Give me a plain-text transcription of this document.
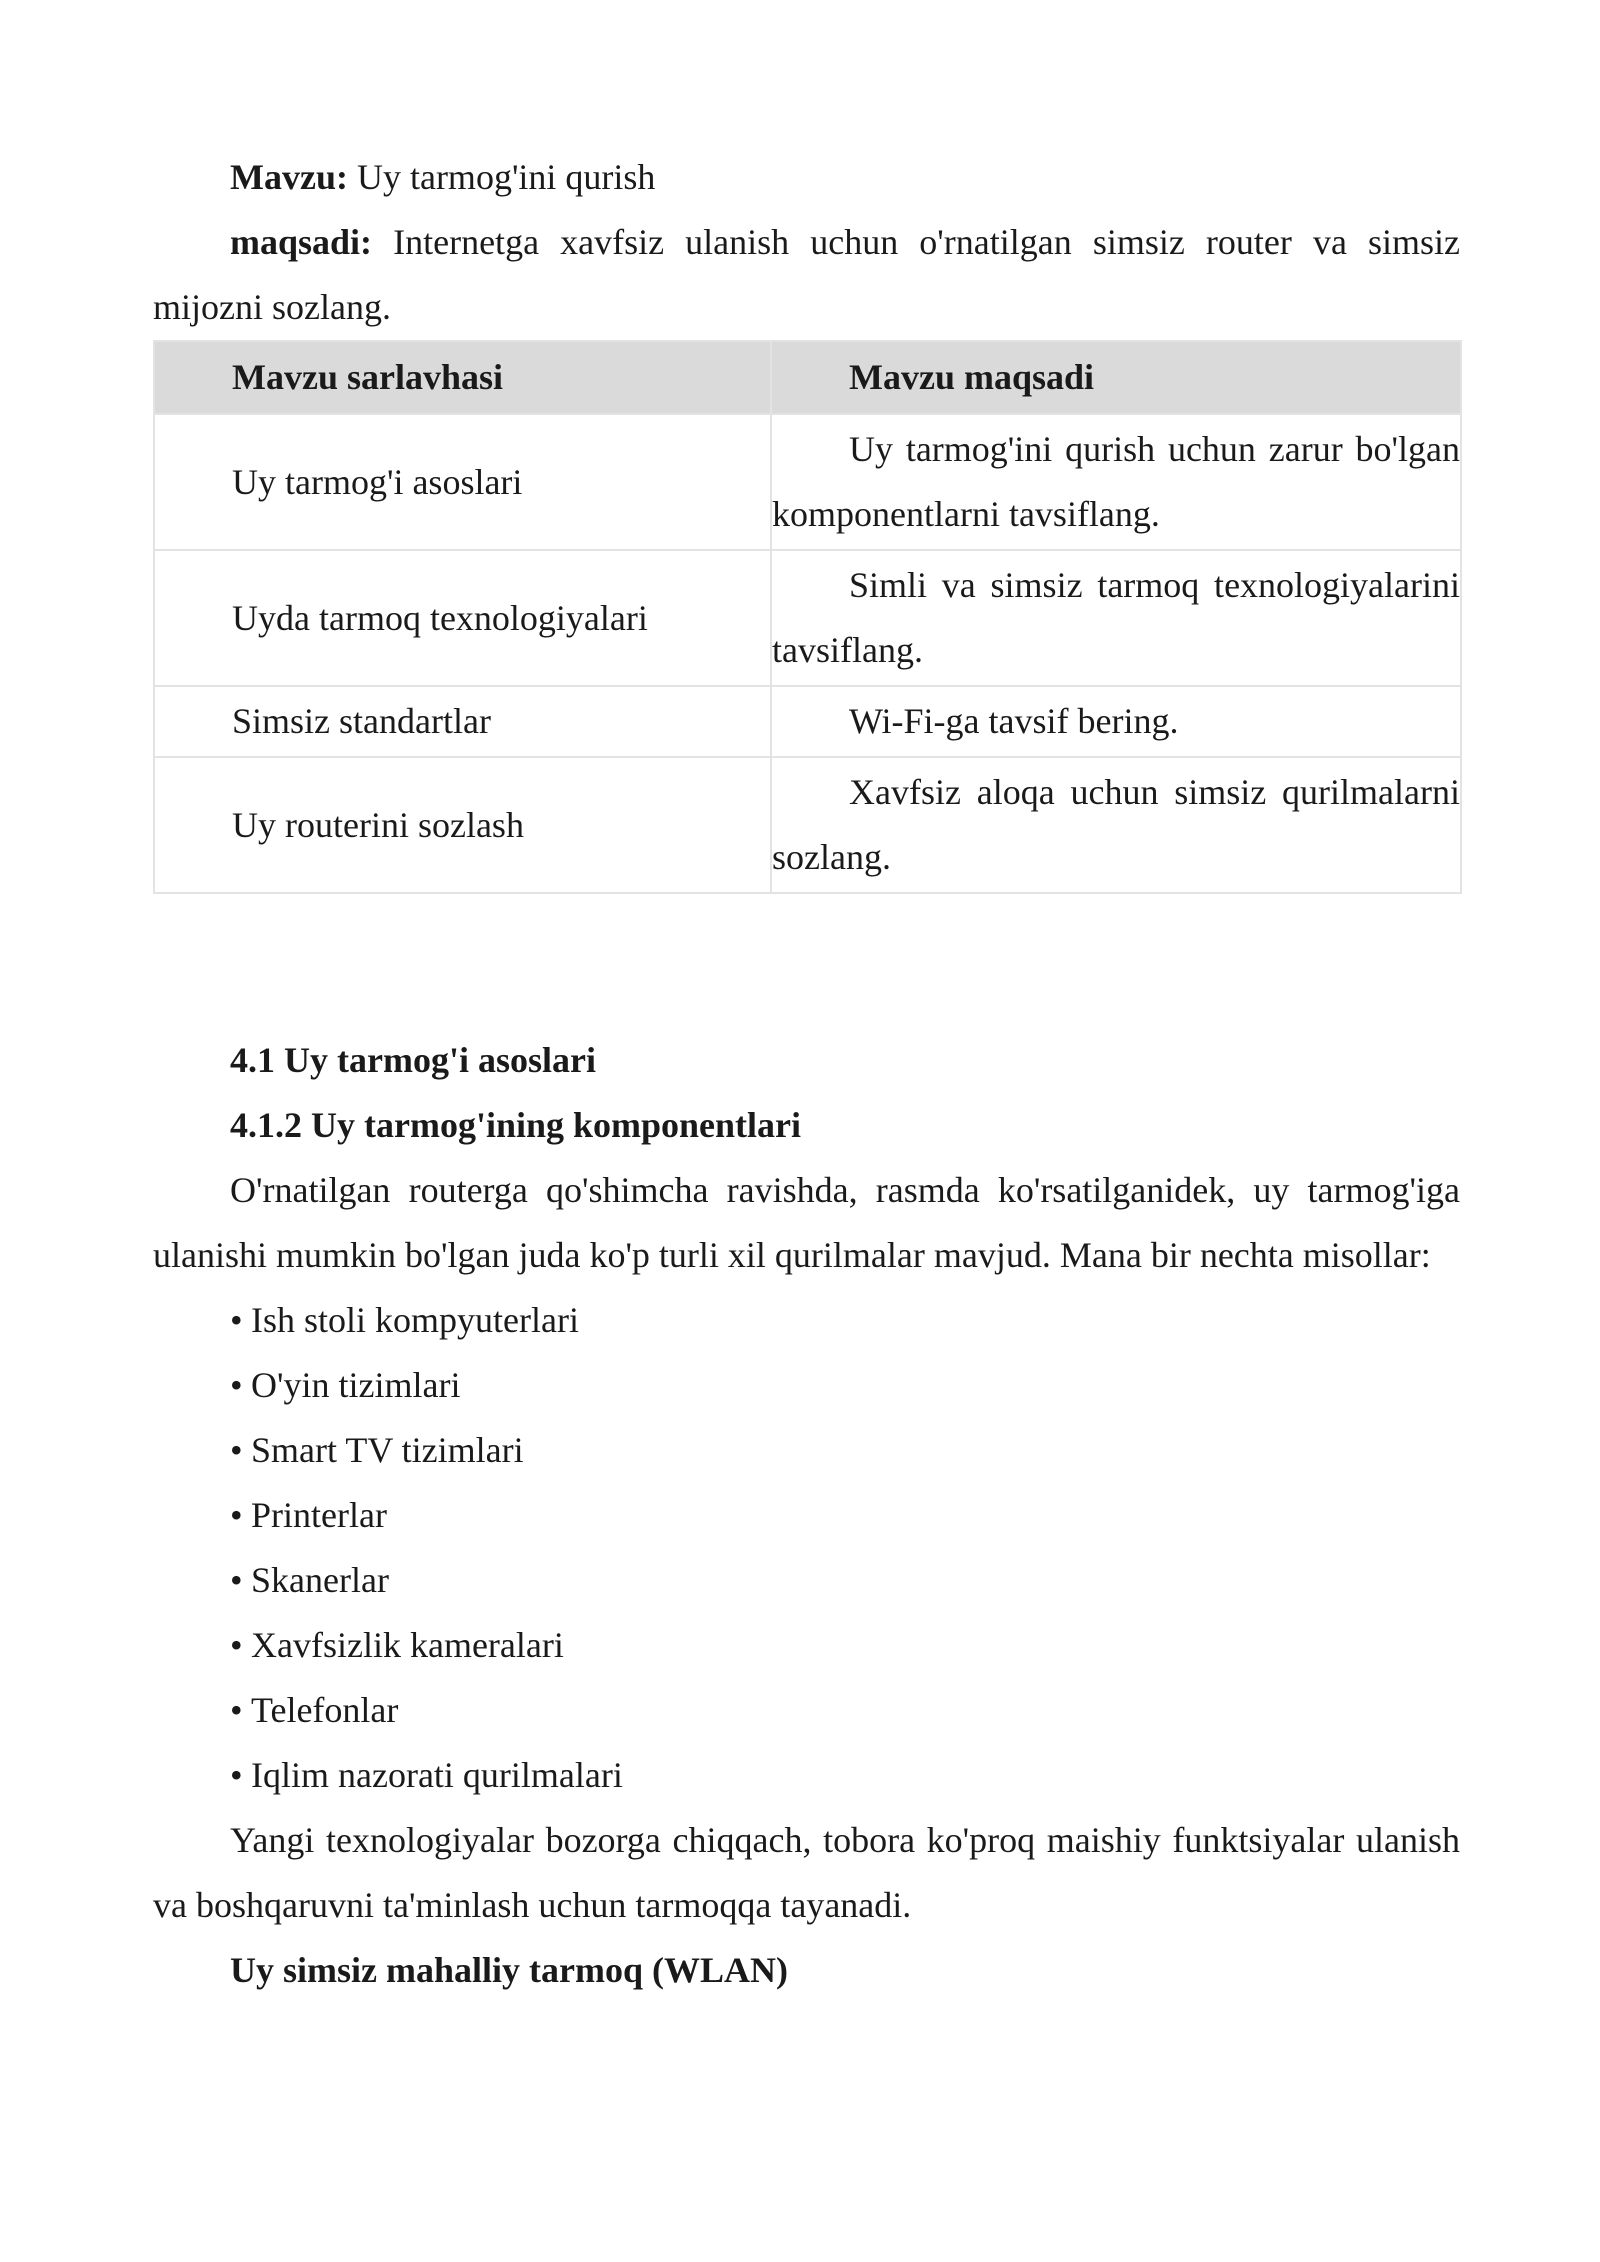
Mavzu: Uy tarmog'ini qurish

maqsadi: Internetga xavfsiz ulanish uchun o'rnatilgan simsiz router va simsiz mijozni sozlang.

Mavzu sarlavhasi	Mavzu maqsadi

Uy tarmog'i asoslari	Uy tarmog'ini qurish uchun zarur bo'lgan komponentlarni tavsiflang.

Uyda tarmoq texnologiyalari	Simli va simsiz tarmoq texnologiyalarini tavsiflang.

Simsiz standartlar	Wi-Fi-ga tavsif bering.

Uy routerini sozlash	Xavfsiz aloqa uchun simsiz qurilmalarni sozlang.

4.1 Uy tarmog'i asoslari

4.1.2 Uy tarmog'ining komponentlari

O'rnatilgan routerga qo'shimcha ravishda, rasmda ko'rsatilganidek, uy tarmog'iga ulanishi mumkin bo'lgan juda ko'p turli xil qurilmalar mavjud. Mana bir nechta misollar:

• Ish stoli kompyuterlari
• O'yin tizimlari
• Smart TV tizimlari
• Printerlar
• Skanerlar
• Xavfsizlik kameralari
• Telefonlar
• Iqlim nazorati qurilmalari

Yangi texnologiyalar bozorga chiqqach, tobora ko'proq maishiy funktsiyalar ulanish va boshqaruvni ta'minlash uchun tarmoqqa tayanadi.

Uy simsiz mahalliy tarmoq (WLAN)
